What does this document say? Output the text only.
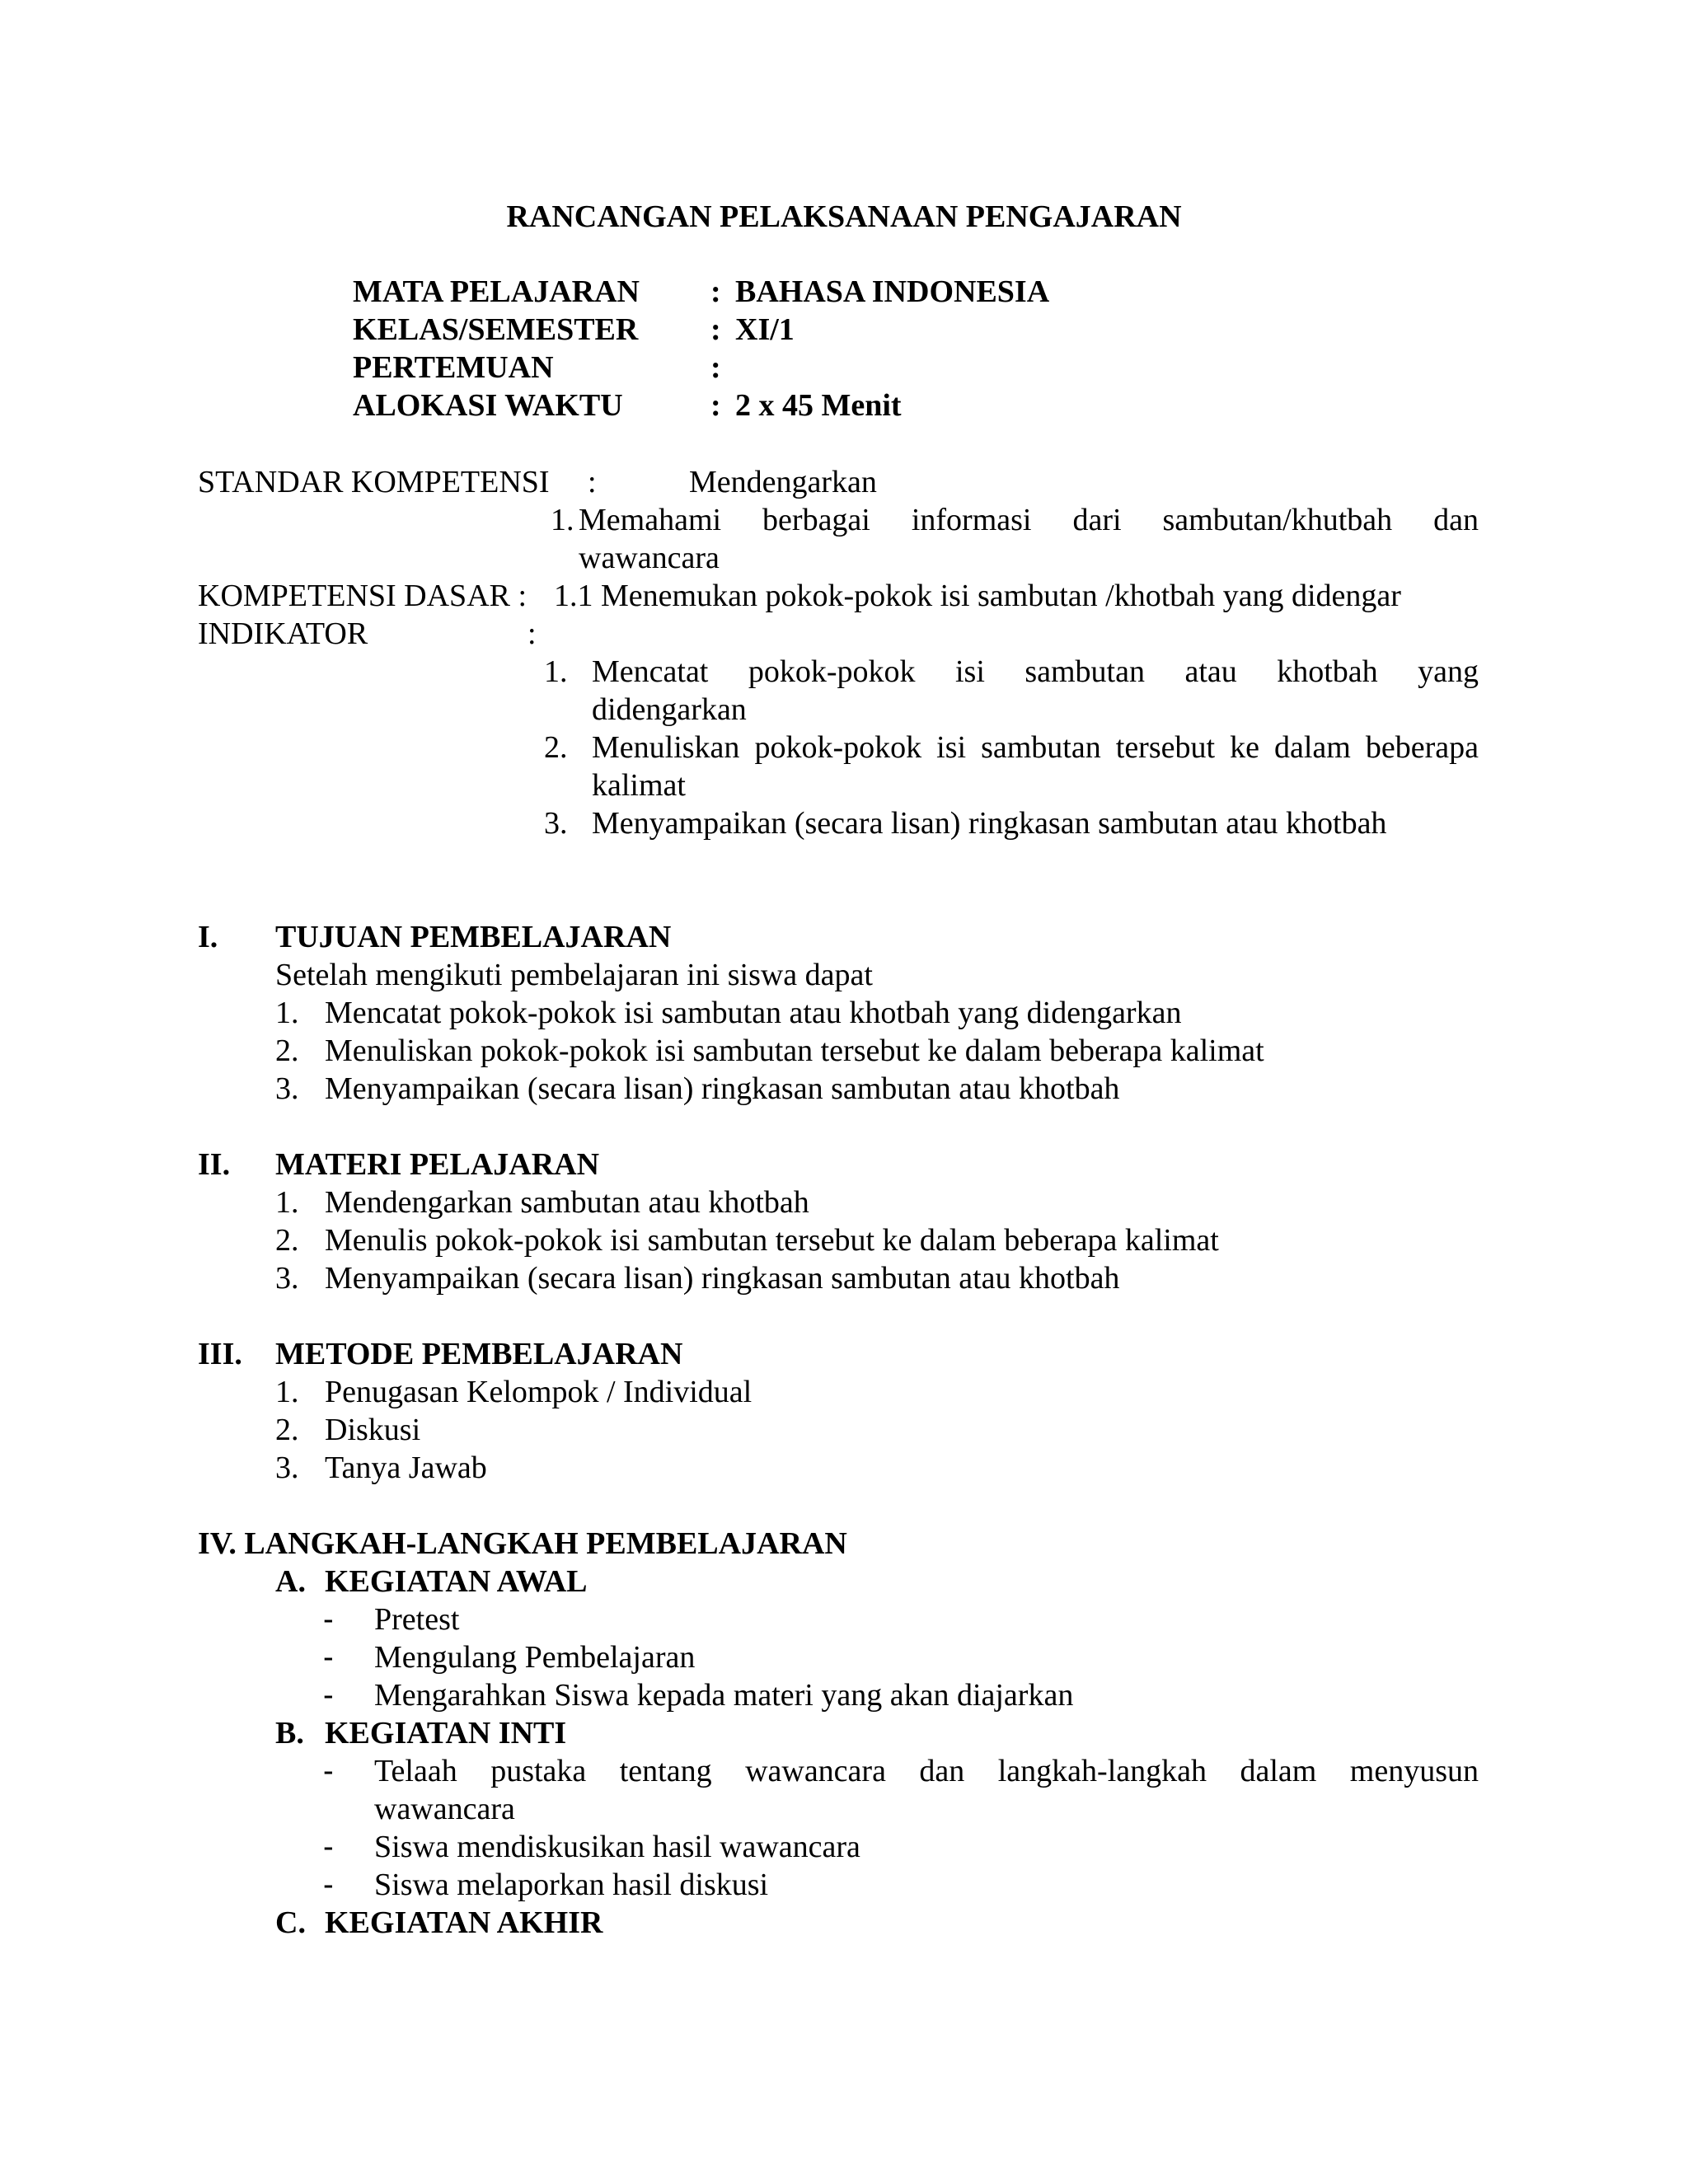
RANCANGAN PELAKSANAAN PENGAJARAN
MATA PELAJARAN : BAHASA INDONESIA
KELAS/SEMESTER : XI/1
PERTEMUAN	:
ALOKASI WAKTU	: 2 x 45 Menit
STANDAR KOMPETENSI :	Mendengarkan
1. Memahami berbagai informasi dari sambutan/khutbah dan
wawancara
KOMPETENSI DASAR : 1.1 Menemukan pokok-pokok isi sambutan /khotbah yang didengar
INDIKATOR	:
1. Mencatat pokok-pokok isi sambutan atau khotbah yang
didengarkan
2. Menuliskan pokok-pokok isi sambutan tersebut ke dalam beberapa
kalimat
3. Menyampaikan (secara lisan) ringkasan sambutan atau khotbah
I. TUJUAN PEMBELAJARAN
Setelah mengikuti pembelajaran ini siswa dapat
1. Mencatat pokok-pokok isi sambutan atau khotbah yang didengarkan
2. Menuliskan pokok-pokok isi sambutan tersebut ke dalam beberapa kalimat
3. Menyampaikan (secara lisan) ringkasan sambutan atau khotbah
II. MATERI PELAJARAN
1. Mendengarkan sambutan atau khotbah
2. Menulis pokok-pokok isi sambutan tersebut ke dalam beberapa kalimat
3. Menyampaikan (secara lisan) ringkasan sambutan atau khotbah
III. METODE PEMBELAJARAN
1. Penugasan Kelompok / Individual
2. Diskusi
3. Tanya Jawab
IV. LANGKAH-LANGKAH PEMBELAJARAN
A. KEGIATAN AWAL
- Pretest
- Mengulang Pembelajaran
- Mengarahkan Siswa kepada materi yang akan diajarkan
B. KEGIATAN INTI
- Telaah pustaka tentang wawancara dan langkah-langkah dalam menyusun
wawancara
- Siswa mendiskusikan hasil wawancara
- Siswa melaporkan hasil diskusi
C. KEGIATAN AKHIR
